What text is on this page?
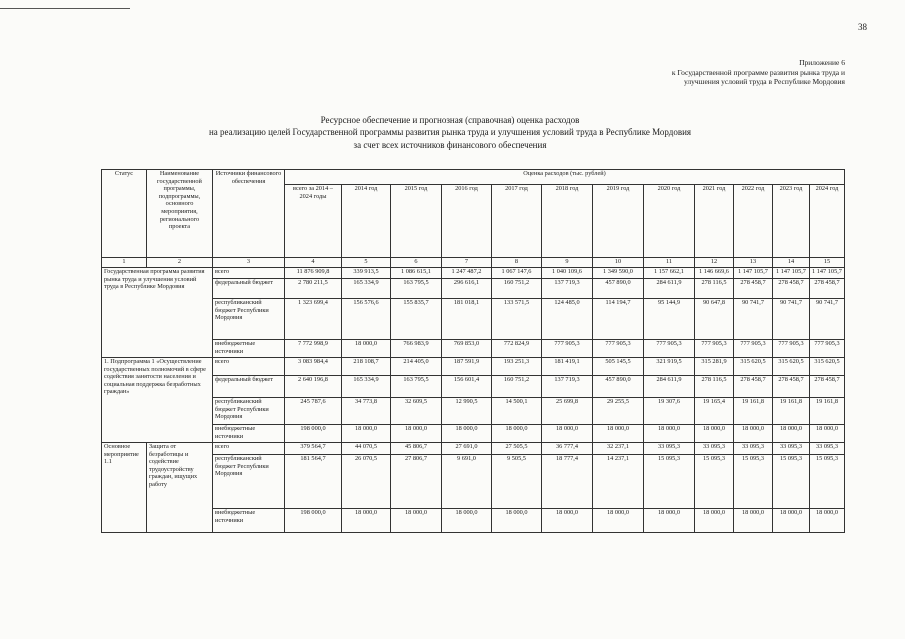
38
Приложение 6
к Государственной программе развития рынка труда и
улучшения условий труда в Республике Мордовия
Ресурсное обеспечение и прогнозная (справочная) оценка расходов
на реализацию целей Государственной программы развития рынка труда и улучшения условий труда в Республике Мордовия
за счет всех источников финансового обеспечения
Статус	Наименование государственной программы, подпрограммы, основного мероприятия, регионального проекта	Источники финансового обеспечения	Оценка расходов (тыс. рублей)											
			всего за 2014 – 2024 годы	2014 год	2015 год	2016 год	2017 год	2018 год	2019 год	2020 год	2021 год	2022 год	2023 год	2024 год
1	2	3	4	5	6	7	8	9	10	11	12	13	14	15
Государственная программа развития рынка труда и улучшения условий труда в Республике Мордовия		всего	11 876 909,8	339 913,5	1 086 615,1	1 247 487,2	1 067 147,6	1 040 109,6	1 349 590,0	1 157 662,1	1 146 669,6	1 147 105,7	1 147 105,7	1 147 105,7
		федеральный бюджет	2 780 211,5	165 334,9	163 795,5	296 616,1	160 751,2	137 719,3	457 890,0	284 611,9	278 116,5	278 458,7	278 458,7	278 458,7
		республиканский бюджет Республики Мордовия	1 323 699,4	156 576,6	155 835,7	181 018,1	133 571,5	124 485,0	114 194,7	95 144,9	90 647,8	90 741,7	90 741,7	90 741,7
		внебюджетные источники	7 772 998,9	18 000,0	766 983,9	769 853,0	772 824,9	777 905,3	777 905,3	777 905,3	777 905,3	777 905,3	777 905,3	777 905,3
1. Подпрограмма 1 «Осуществление государственных полномочий в сфере содействия занятости населения и социальная поддержка безработных граждан»		всего	3 083 984,4	218 108,7	214 405,0	187 591,9	193 251,3	181 419,1	505 145,5	321 919,5	315 281,9	315 620,5	315 620,5	315 620,5
		федеральный бюджет	2 640 196,8	165 334,9	163 795,5	156 601,4	160 751,2	137 719,3	457 890,0	284 611,9	278 116,5	278 458,7	278 458,7	278 458,7
		республиканский бюджет Республики Мордовия	245 787,6	34 773,8	32 609,5	12 990,5	14 500,1	25 699,8	29 255,5	19 307,6	19 165,4	19 161,8	19 161,8	19 161,8
		внебюджетные источники	198 000,0	18 000,0	18 000,0	18 000,0	18 000,0	18 000,0	18 000,0	18 000,0	18 000,0	18 000,0	18 000,0	18 000,0
Основное мероприятие 1.1	Защита от безработицы и содействие трудоустройству граждан, ищущих работу	всего	379 564,7	44 070,5	45 806,7	27 691,0	27 505,5	36 777,4	32 237,1	33 095,3	33 095,3	33 095,3	33 095,3	33 095,3
		республиканский бюджет Республики Мордовия	181 564,7	26 070,5	27 806,7	9 691,0	9 505,5	18 777,4	14 237,1	15 095,3	15 095,3	15 095,3	15 095,3	15 095,3
		внебюджетные источники	198 000,0	18 000,0	18 000,0	18 000,0	18 000,0	18 000,0	18 000,0	18 000,0	18 000,0	18 000,0	18 000,0	18 000,0
